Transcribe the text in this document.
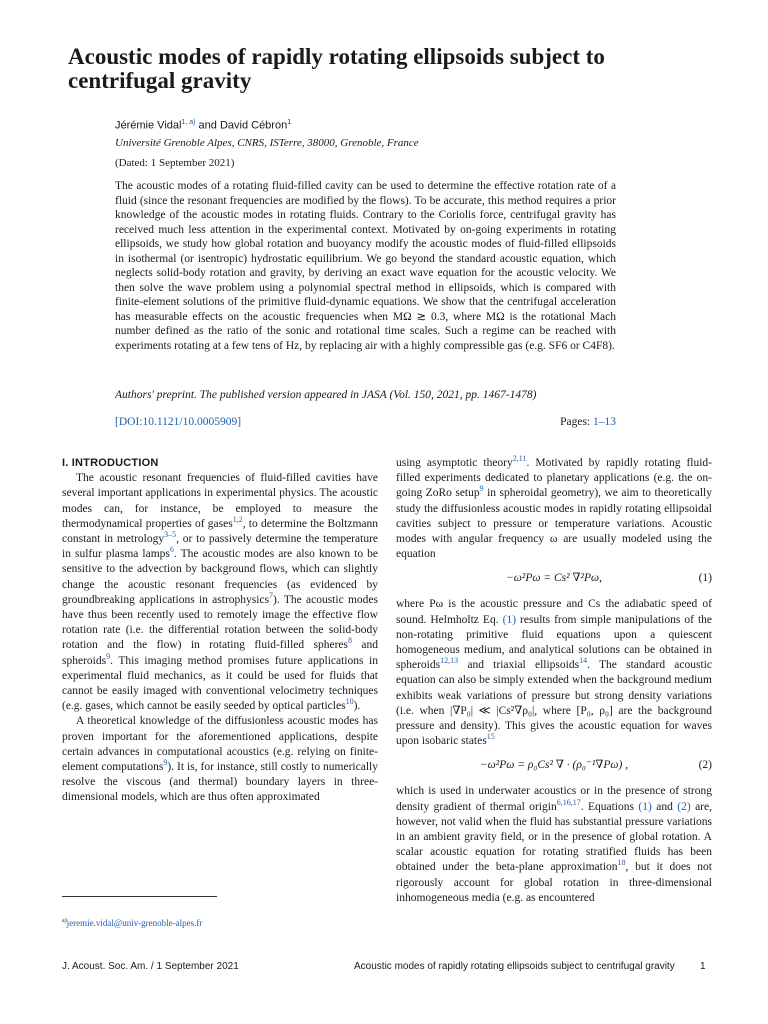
Acoustic modes of rapidly rotating ellipsoids subject to centrifugal gravity
Jérémie Vidal$^{1, a)}$ and David Cébron$^1$
Université Grenoble Alpes, CNRS, ISTerre, 38000, Grenoble, France
(Dated: 1 September 2021)

The acoustic modes of a rotating fluid-filled cavity can be used to determine the effective rotation rate of a fluid (since the resonant frequencies are modified by the flows). To be accurate, this method requires a prior knowledge of the acoustic modes in rotating fluids. Contrary to the Coriolis force, centrifugal gravity has received much less attention in the experimental context. Motivated by on-going experiments in rotating ellipsoids, we study how global rotation and buoyancy modify the acoustic modes of fluid-filled ellipsoids in isothermal (or isentropic) hydrostatic equilibrium. We go beyond the standard acoustic equation, which neglects solid-body rotation and gravity, by deriving an exact wave equation for the acoustic velocity. We then solve the wave problem using a polynomial spectral method in ellipsoids, which is compared with finite-element solutions of the primitive fluid-dynamic equations. We show that the centrifugal acceleration has measurable effects on the acoustic frequencies when MΩ ≳ 0.3, where MΩ is the rotational Mach number defined as the ratio of the sonic and rotational time scales. Such a regime can be reached with experiments rotating at a few tens of Hz, by replacing air with a highly compressible gas (e.g. SF6 or C4F8).

Authors' preprint. The published version appeared in JASA (Vol. 150, 2021, pp. 1467-1478)
[DOI:10.1121/10.0005909]	Pages: 1–13

I. INTRODUCTION

The acoustic resonant frequencies of fluid-filled cavities have several important applications in experimental physics. The acoustic modes can, for instance, be employed to measure the thermodynamical properties of gases$^{1,2}$, to determine the Boltzmann constant in metrology$^{3-5}$, or to passively determine the temperature in sulfur plasma lamps$^6$. The acoustic modes are also known to be sensitive to the advection by background flows, which can slightly change the acoustic resonant frequencies (as evidenced by groundbreaking applications in astrophysics$^7$). The acoustic modes have thus been recently used to remotely image the effective flow rotation rate (i.e. the differential rotation between the solid-body rotation and the flow) in rotating fluid-filled spheres$^8$ and spheroids$^9$. This imaging method promises future applications in experimental fluid mechanics, as it could be used for fluids that cannot be easily imaged with conventional velocimetry techniques (e.g. gases, which cannot be easily seeded by optical particles$^{10}$).

A theoretical knowledge of the diffusionless acoustic modes has proven important for the aforementioned applications, despite certain advances in computational acoustics (e.g. relying on finite-element computations$^9$). It is, for instance, still costly to numerically resolve the viscous (and thermal) boundary layers in three-dimensional models, which are thus often approximated

using asymptotic theory$^{2,11}$. Motivated by rapidly rotating fluid-filled experiments dedicated to planetary applications (e.g. the on-going ZoRo setup$^9$ in spheroidal geometry), we aim to theoretically study the diffusionless acoustic modes in rapidly rotating ellipsoidal cavities subject to pressure or temperature variations. Acoustic modes with angular frequency ω are usually modeled using the equation

−ω²Pω = Cs² ∇²Pω,	(1)

where Pω is the acoustic pressure and Cs the adiabatic speed of sound. Helmholtz Eq. (1) results from simple manipulations of the non-rotating primitive fluid equations upon a quiescent homogeneous medium, and analytical solutions can be obtained in spheroids$^{12,13}$ and triaxial ellipsoids$^{14}$. The standard acoustic equation can also be simply extended when the background medium exhibits weak variations of pressure but strong density variations (i.e. when |∇P₀| ≪ |Cs²∇ρ₀|, where [P₀, ρ₀] are the background pressure and density). This gives the acoustic equation for waves upon isobaric states$^{15}$

−ω²Pω = ρ₀Cs² ∇ · (ρ₀⁻¹∇Pω) ,	(2)

which is used in underwater acoustics or in the presence of strong density gradient of thermal origin$^{6,16,17}$. Equations (1) and (2) are, however, not valid when the fluid has substantial pressure variations in an ambient gravity field, or in the presence of global rotation. A scalar acoustic equation for rotating stratified fluids has been obtained under the beta-plane approximation$^{18}$, but it does not rigorously account for global rotation in three-dimensional inhomogeneous media (e.g. as encountered

$^{a)}$jeremie.vidal@univ-grenoble-alpes.fr
J. Acoust. Soc. Am. / 1 September 2021	Acoustic modes of rapidly rotating ellipsoids subject to centrifugal gravity	1
